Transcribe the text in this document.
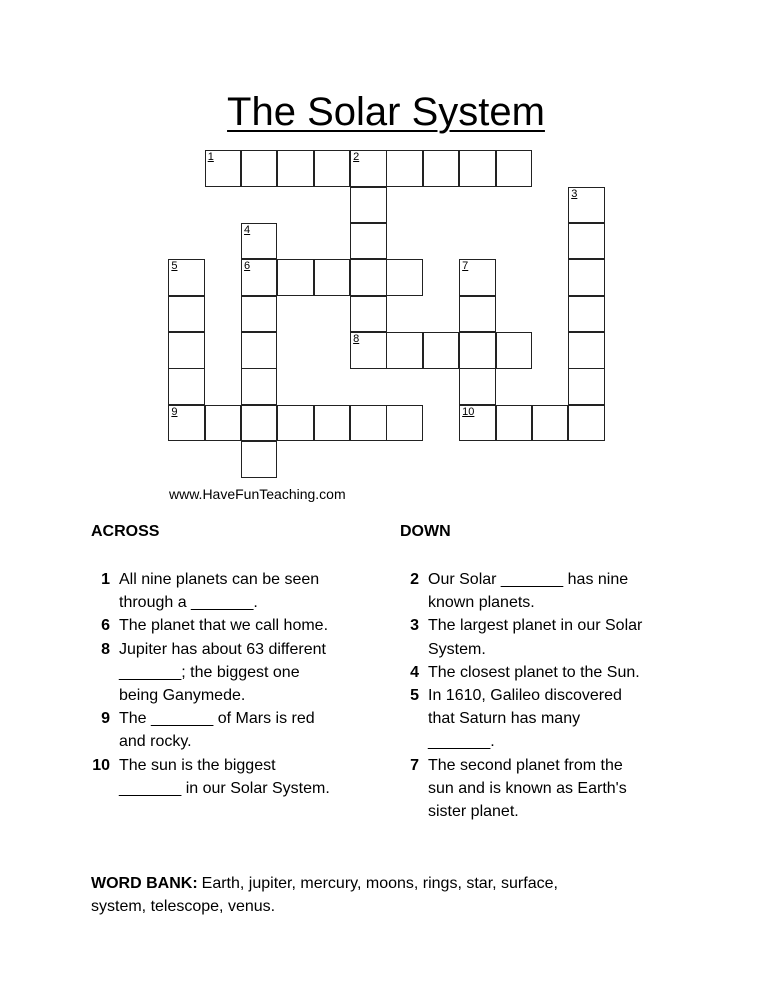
The Solar System
1	2
3
4
5	6	7
8
9	10
www.HaveFunTeaching.com
ACROSS	DOWN
1 All nine planets can be seen
through a _______.
6 The planet that we call home.
8 Jupiter has about 63 different
_______; the biggest one
being Ganymede.
9 The _______ of Mars is red
and rocky.
10 The sun is the biggest
_______ in our Solar System.
2 Our Solar _______ has nine
known planets.
3 The largest planet in our Solar
System.
4 The closest planet to the Sun.
5 In 1610, Galileo discovered
that Saturn has many
_______.
7 The second planet from the
sun and is known as Earth's
sister planet.
WORD BANK: Earth, jupiter, mercury, moons, rings, star, surface, system, telescope, venus.
